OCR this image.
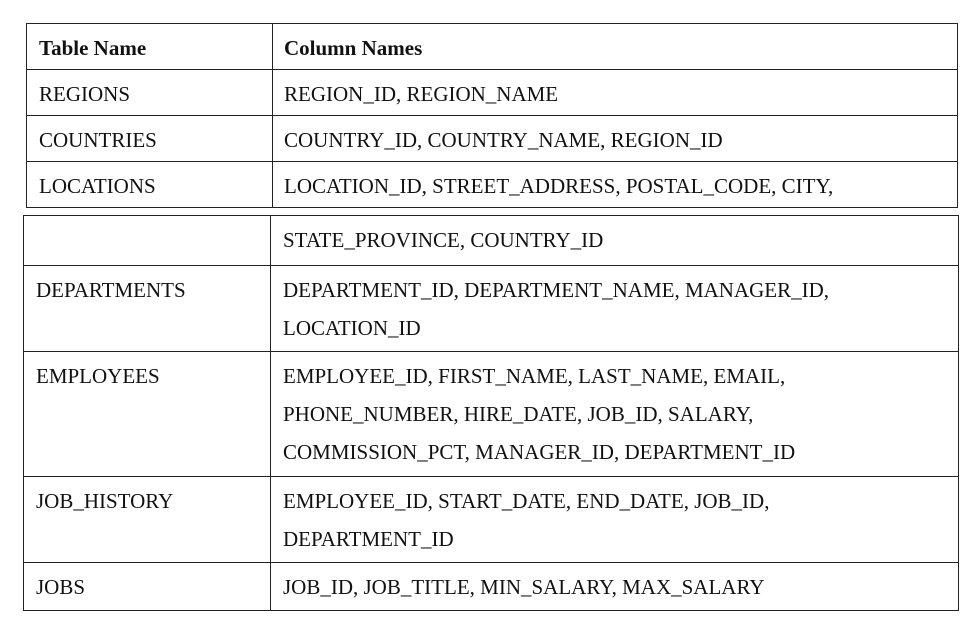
Table Name	Column Names
REGIONS	REGION_ID, REGION_NAME
COUNTRIES	COUNTRY_ID, COUNTRY_NAME, REGION_ID
LOCATIONS	LOCATION_ID, STREET_ADDRESS, POSTAL_CODE, CITY,

	STATE_PROVINCE, COUNTRY_ID

DEPARTMENTS	DEPARTMENT_ID, DEPARTMENT_NAME, MANAGER_ID,
LOCATION_ID

EMPLOYEES	EMPLOYEE_ID, FIRST_NAME, LAST_NAME, EMAIL,
PHONE_NUMBER, HIRE_DATE, JOB_ID, SALARY,
COMMISSION_PCT, MANAGER_ID, DEPARTMENT_ID

JOB_HISTORY	EMPLOYEE_ID, START_DATE, END_DATE, JOB_ID,
DEPARTMENT_ID

JOBS	JOB_ID, JOB_TITLE, MIN_SALARY, MAX_SALARY
